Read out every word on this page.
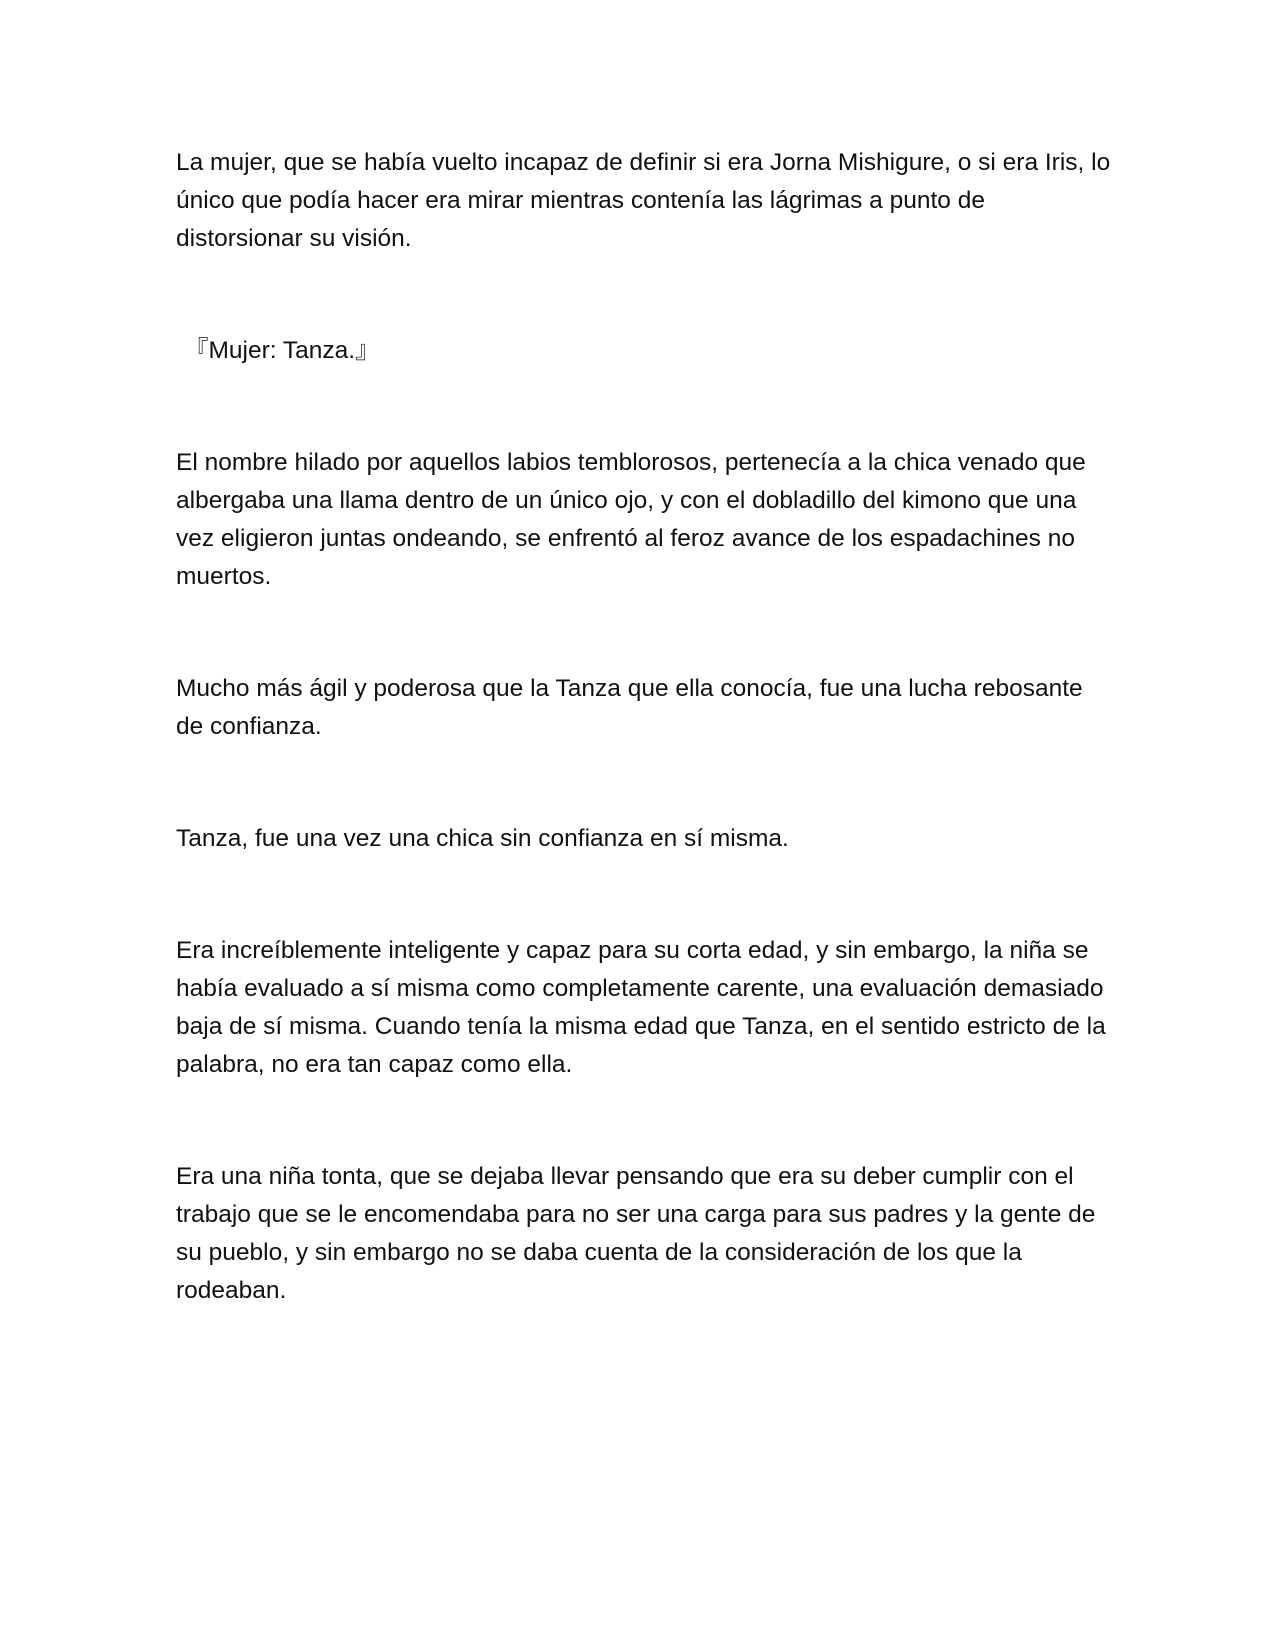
La mujer, que se había vuelto incapaz de definir si era Jorna Mishigure, o si era Iris, lo único que podía hacer era mirar mientras contenía las lágrimas a punto de distorsionar su visión.

『Mujer: Tanza.』

El nombre hilado por aquellos labios temblorosos, pertenecía a la chica venado que albergaba una llama dentro de un único ojo, y con el dobladillo del kimono que una vez eligieron juntas ondeando, se enfrentó al feroz avance de los espadachines no muertos.

Mucho más ágil y poderosa que la Tanza que ella conocía, fue una lucha rebosante de confianza.

Tanza, fue una vez una chica sin confianza en sí misma.

Era increíblemente inteligente y capaz para su corta edad, y sin embargo, la niña se había evaluado a sí misma como completamente carente, una evaluación demasiado baja de sí misma. Cuando tenía la misma edad que Tanza, en el sentido estricto de la palabra, no era tan capaz como ella.

Era una niña tonta, que se dejaba llevar pensando que era su deber cumplir con el trabajo que se le encomendaba para no ser una carga para sus padres y la gente de su pueblo, y sin embargo no se daba cuenta de la consideración de los que la rodeaban.
